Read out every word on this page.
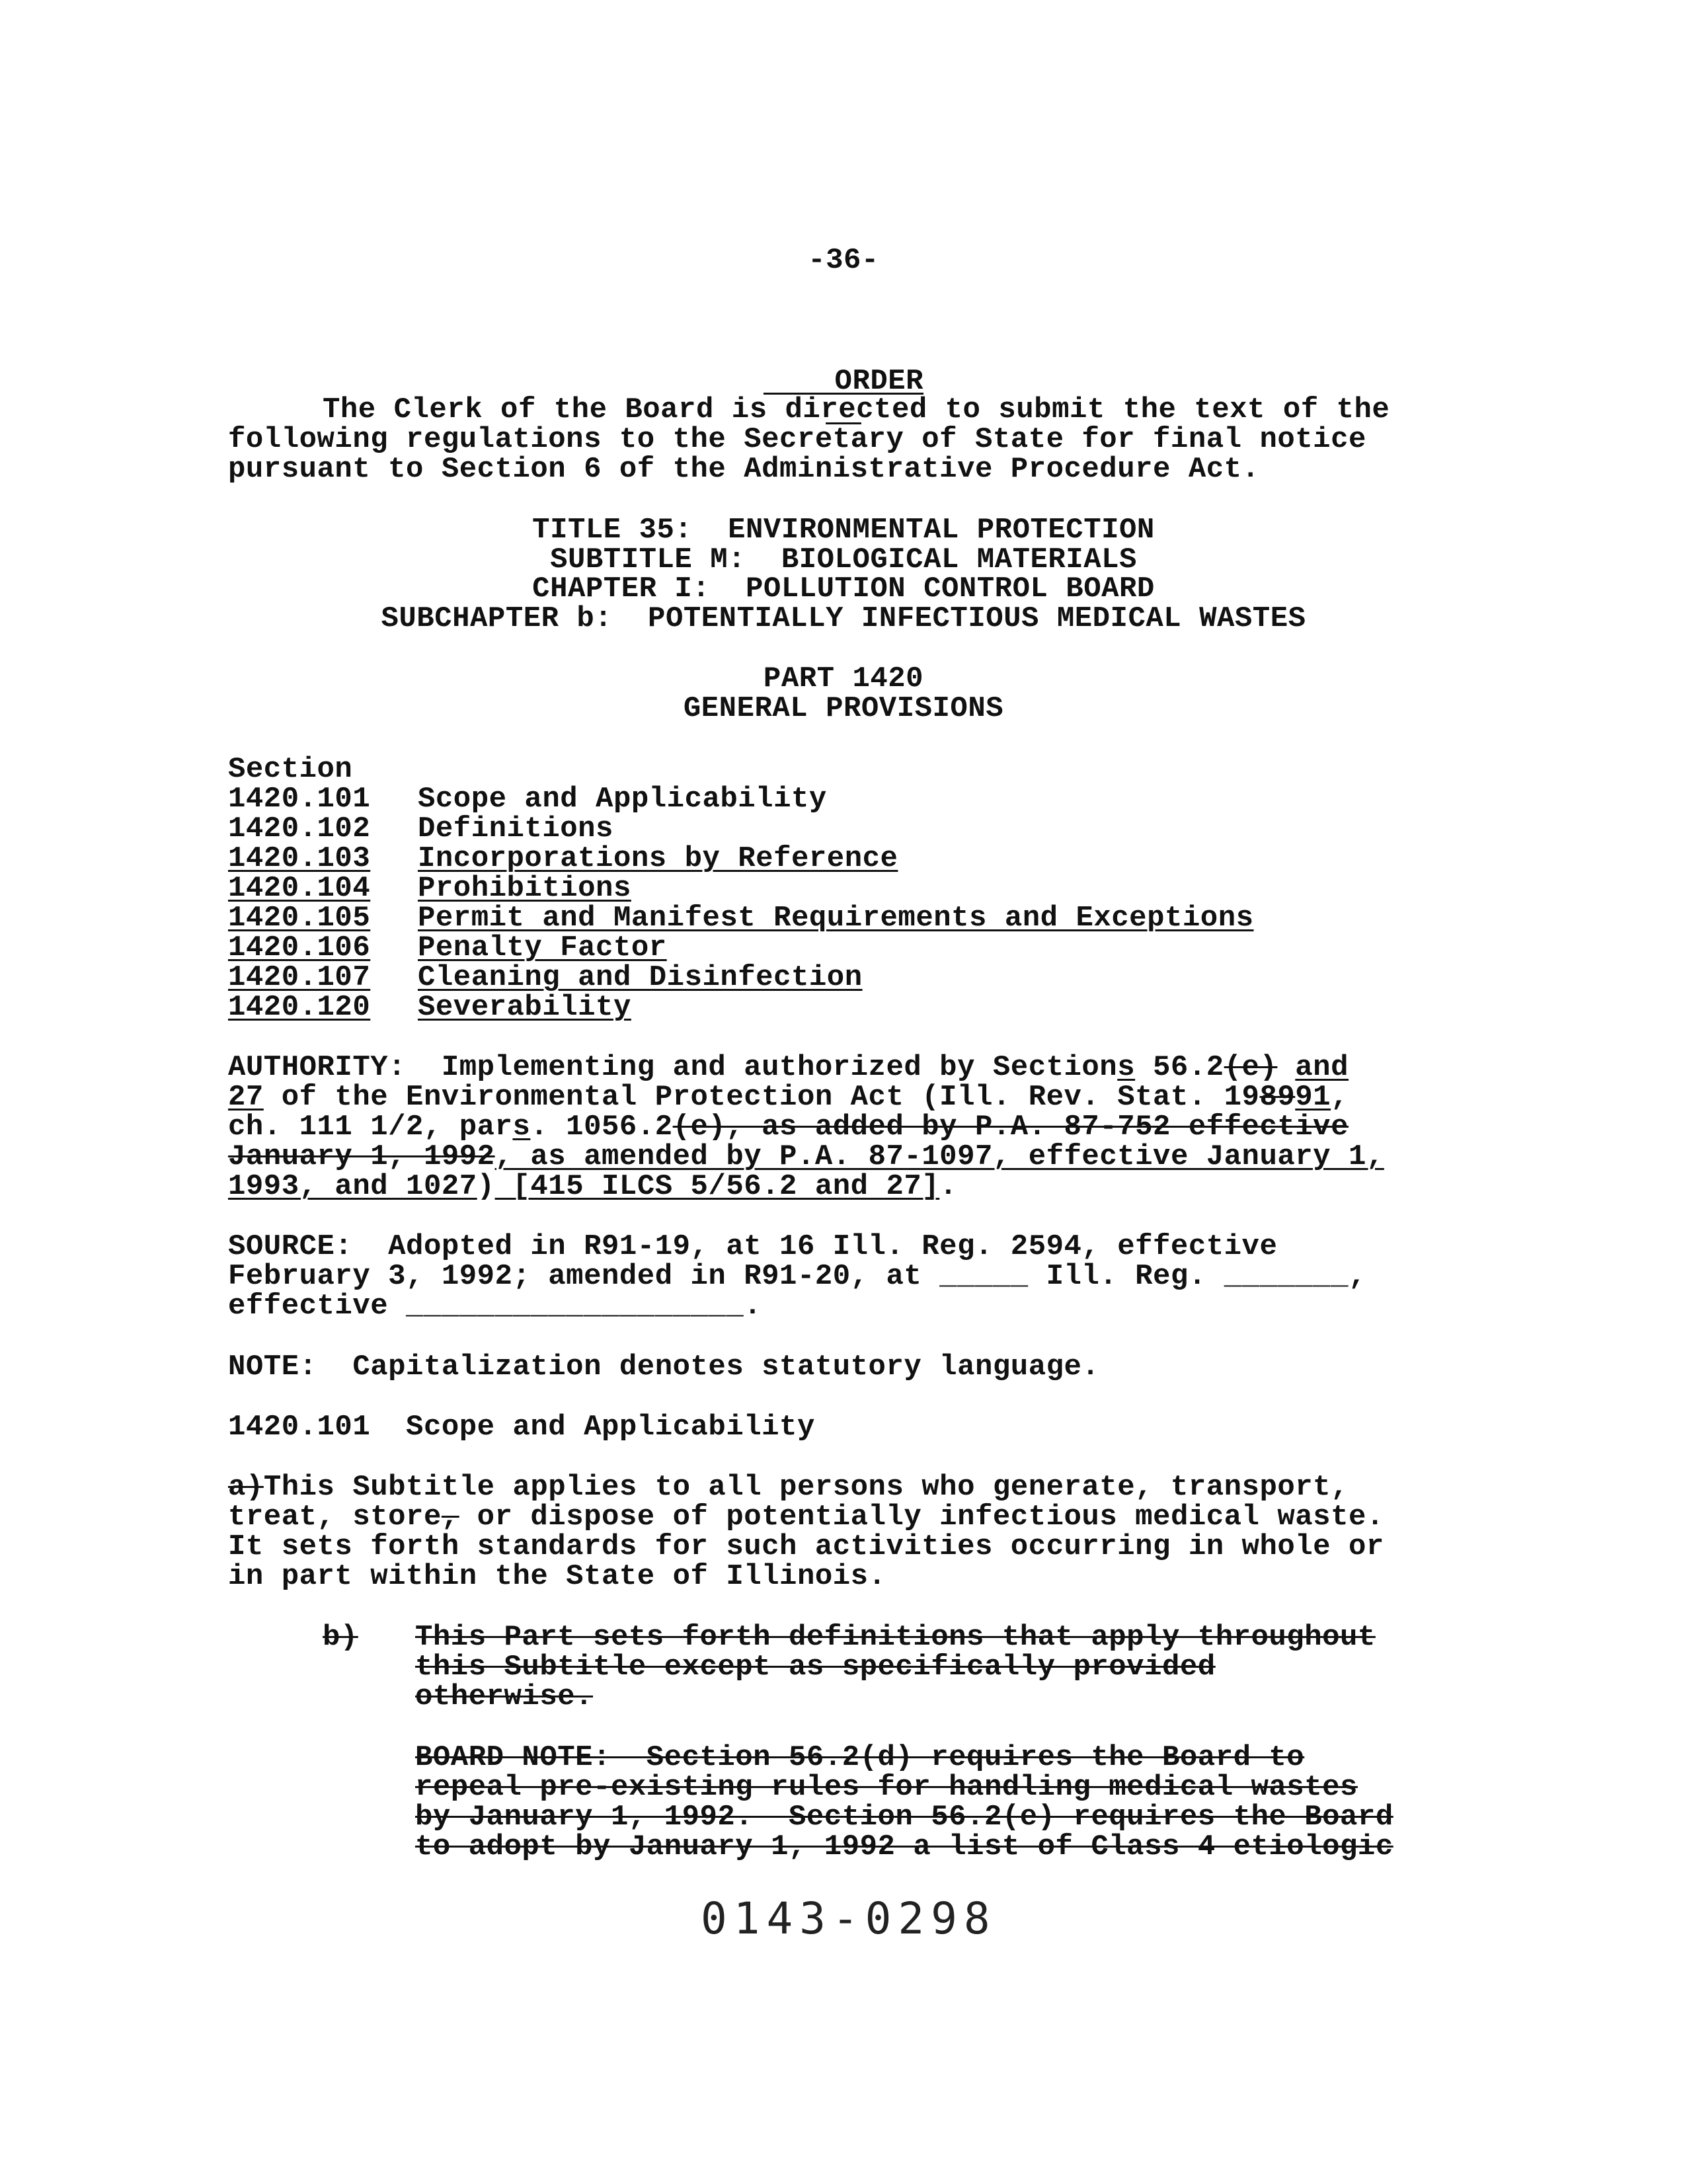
-36-

ORDER

The Clerk of the Board is directed to submit the text of the
following regulations to the Secretary of State for final notice
pursuant to Section 6 of the Administrative Procedure Act.
TITLE 35:  ENVIRONMENTAL PROTECTION
SUBTITLE M:  BIOLOGICAL MATERIALS
CHAPTER I:  POLLUTION CONTROL BOARD
SUBCHAPTER b:  POTENTIALLY INFECTIOUS MEDICAL WASTES
PART 1420
GENERAL PROVISIONS
Section
1420.101 Scope and Applicability
1420.102 Definitions
1420.103 Incorporations by Reference
1420.104 Prohibitions
1420.105 Permit and Manifest Requirements and Exceptions
1420.106 Penalty Factor
1420.107 Cleaning and Disinfection
1420.120 Severability
AUTHORITY:  Implementing and authorized by Sections 56.2(e) and
27 of the Environmental Protection Act (Ill. Rev. Stat. 198991,
ch. 111 1/2, pars. 1056.2(e), as added by P.A. 87-752 effective
January 1, 1992, as amended by P.A. 87-1097, effective January 1,
1993, and 1027) [415 ILCS 5/56.2 and 27].
SOURCE:  Adopted in R91-19, at 16 Ill. Reg. 2594, effective
February 3, 1992; amended in R91-20, at _____ Ill. Reg. _______,
effective ___________________.
NOTE:  Capitalization denotes statutory language.
1420.101  Scope and Applicability
a)This Subtitle applies to all persons who generate, transport,
treat, store, or dispose of potentially infectious medical waste.
It sets forth standards for such activities occurring in whole or
in part within the State of Illinois.
b) This Part sets forth definitions that apply throughout
this Subtitle except as specifically provided
otherwise.
BOARD NOTE:  Section 56.2(d) requires the Board to
repeal pre-existing rules for handling medical wastes
by January 1, 1992.  Section 56.2(e) requires the Board
to adopt by January 1, 1992 a list of Class 4 etiologic
0143-0298
